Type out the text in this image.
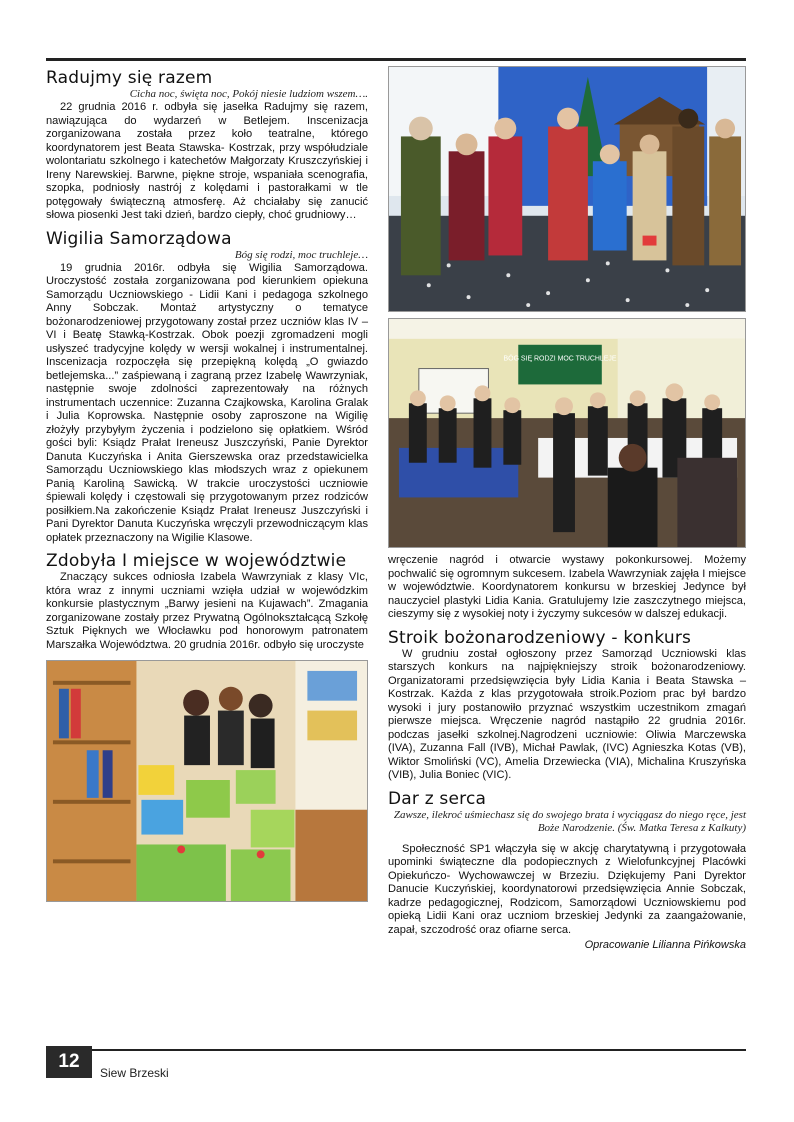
Radujmy się razem

Cicha noc, święta noc, Pokój niesie ludziom wszem….

22 grudnia 2016 r. odbyła się jasełka Radujmy się razem, nawiązująca do wydarzeń w Betlejem. Inscenizacja zorganizowana została przez koło teatralne, którego koordynatorem jest Beata Stawska- Kostrzak, przy współudziale wolontariatu szkolnego i katechetów Małgorzaty Kruszczyńskiej i Ireny Narewskiej. Barwne, piękne stroje, wspaniała scenografia, szopka, podniosły nastrój z kolędami i pastorałkami w tle potęgowały świąteczną atmosferę. Aż chciałaby się zanucić słowa piosenki Jest taki dzień, bardzo ciepły, choć grudniowy…

Wigilia Samorządowa

Bóg się rodzi, moc truchleje…

19 grudnia 2016r. odbyła się Wigilia Samorządowa. Uroczystość została zorganizowana pod kierunkiem opiekuna Samorządu Uczniowskiego - Lidii Kani i pedagoga szkolnego Anny Sobczak. Montaż artystyczny o tematyce bożonarodzeniowej przygotowany został przez uczniów klas IV – VI i Beatę Stawką-Kostrzak. Obok poezji zgromadzeni mogli usłyszeć tradycyjne kolędy w wersji wokalnej i instrumentalnej. Inscenizacja rozpoczęła się przepiękną kolędą „O gwiazdo betlejemska...” zaśpiewaną i zagraną przez Izabelę Wawrzyniak, następnie swoje zdolności zaprezentowały na różnych instrumentach uczennice: Zuzanna Czajkowska, Karolina Gralak i Julia Koprowska. Następnie osoby zaproszone na Wigilię złożyły przybyłym życzenia i podzielono się opłatkiem. Wśród gości byli: Ksiądz Prałat Ireneusz Juszczyński, Panie Dyrektor Danuta Kuczyńska i Anita Gierszewska oraz przedstawicielka Samorządu Uczniowskiego klas młodszych wraz z opiekunem Panią Karoliną Sawicką. W trakcie uroczystości uczniowie śpiewali kolędy i częstowali się przygotowanym przez rodziców posiłkiem.Na zakończenie Ksiądz Prałat Ireneusz Juszczyński i Pani Dyrektor Danuta Kuczyńska wręczyli przewodniczącym klas opłatek przeznaczony na Wigilie Klasowe.

Zdobyła I miejsce w województwie

Znaczący sukces odniosła Izabela Wawrzyniak z klasy VIc, która wraz z innymi uczniami wzięła udział w wojewódzkim konkursie plastycznym „Barwy jesieni na Kujawach”. Zmagania zorganizowane zostały przez Prywatną Ogólnokształcącą Szkołę Sztuk Pięknych we Włocławku pod honorowym patronatem Marszałka Województwa. 20 grudnia 2016r. odbyło się uroczyste

BÓG SIĘ RODZI MOC TRUCHLEJE

wręczenie nagród i otwarcie wystawy pokonkursowej. Możemy pochwalić się ogromnym sukcesem. Izabela Wawrzyniak zajęła I miejsce w województwie. Koordynatorem konkursu w brzeskiej Jedynce był nauczyciel plastyki Lidia Kania. Gratulujemy Izie zaszczytnego miejsca, cieszymy się z wysokiej noty i życzymy sukcesów w dalszej edukacji.

Stroik bożonarodzeniowy - konkurs

W grudniu został ogłoszony przez Samorząd Uczniowski klas starszych konkurs na najpiękniejszy stroik bożonarodzeniowy. Organizatorami przedsięwzięcia były Lidia Kania i Beata Stawska – Kostrzak. Każda z klas przygotowała stroik.Poziom prac był bardzo wysoki i jury postanowiło przyznać wszystkim uczestnikom zmagań pierwsze miejsca. Wręczenie nagród nastąpiło 22 grudnia 2016r. podczas jasełki szkolnej.Nagrodzeni uczniowie: Oliwia Marczewska (IVA), Zuzanna Fall (IVB), Michał Pawlak, (IVC) Agnieszka Kotas (VB), Wiktor Smoliński (VC), Amelia Drzewiecka (VIA), Michalina Kruszyńska (VIB), Julia Boniec (VIC).

Dar z serca

Zawsze, ilekroć uśmiechasz się do swojego brata i wyciągasz do niego ręce, jest Boże Narodzenie. (Św. Matka Teresa z Kalkuty)

Społeczność SP1 włączyła się w akcję charytatywną i przygotowała upominki świąteczne dla podopiecznych z Wielofunkcyjnej Placówki Opiekuńczo- Wychowawczej w Brzeziu. Dziękujemy Pani Dyrektor Danucie Kuczyńskiej, koordynatorowi przedsięwzięcia Annie Sobczak, kadrze pedagogicznej, Rodzicom, Samorządowi Uczniowskiemu pod opieką Lidii Kani oraz uczniom brzeskiej Jedynki za zaangażowanie, zapał, szczodrość oraz ofiarne serca.

Opracowanie Lilianna Pińkowska

12
Siew Brzeski
